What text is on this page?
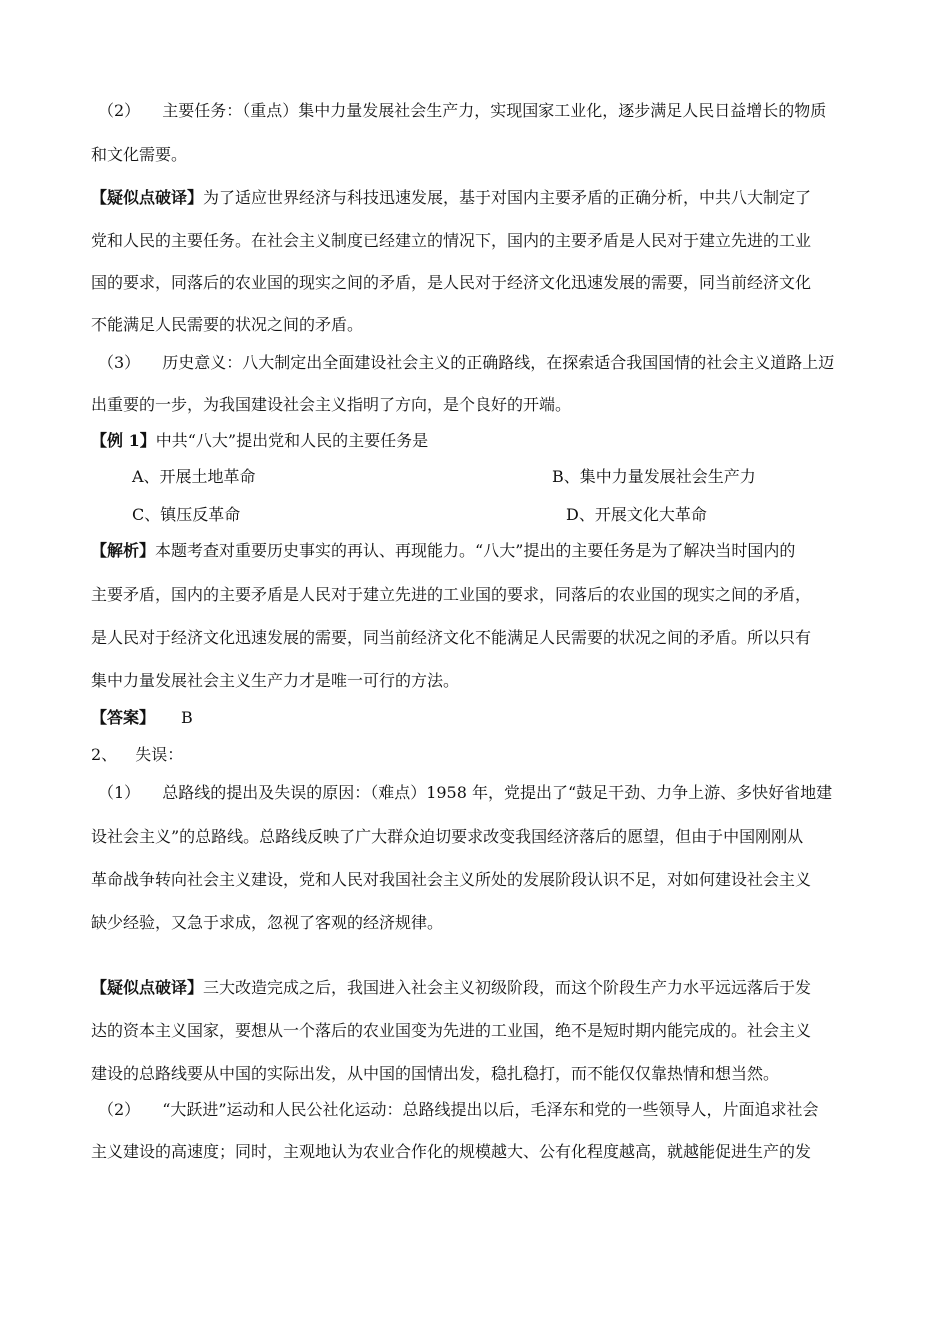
（2） 主要任务：（重点）集中力量发展社会生产力，实现国家工业化，逐步满足人民日益增长的物质
和文化需要。
【疑似点破译】为了适应世界经济与科技迅速发展，基于对国内主要矛盾的正确分析，中共八大制定了
党和人民的主要任务。在社会主义制度已经建立的情况下，国内的主要矛盾是人民对于建立先进的工业
国的要求，同落后的农业国的现实之间的矛盾，是人民对于经济文化迅速发展的需要，同当前经济文化
不能满足人民需要的状况之间的矛盾。
（3） 历史意义：八大制定出全面建设社会主义的正确路线，在探索适合我国国情的社会主义道路上迈
出重要的一步，为我国建设社会主义指明了方向，是个良好的开端。
【例 1】中共“八大”提出党和人民的主要任务是
A、开展土地革命	B、集中力量发展社会生产力
C、镇压反革命	D、开展文化大革命
【解析】本题考查对重要历史事实的再认、再现能力。“八大”提出的主要任务是为了解决当时国内的
主要矛盾，国内的主要矛盾是人民对于建立先进的工业国的要求，同落后的农业国的现实之间的矛盾，
是人民对于经济文化迅速发展的需要，同当前经济文化不能满足人民需要的状况之间的矛盾。所以只有
集中力量发展社会主义生产力才是唯一可行的方法。
【答案】 B
2、 失误：
（1） 总路线的提出及失误的原因：（难点）1958 年，党提出了“鼓足干劲、力争上游、多快好省地建
设社会主义”的总路线。总路线反映了广大群众迫切要求改变我国经济落后的愿望，但由于中国刚刚从
革命战争转向社会主义建设，党和人民对我国社会主义所处的发展阶段认识不足，对如何建设社会主义
缺少经验，又急于求成，忽视了客观的经济规律。
【疑似点破译】三大改造完成之后，我国进入社会主义初级阶段，而这个阶段生产力水平远远落后于发
达的资本主义国家，要想从一个落后的农业国变为先进的工业国，绝不是短时期内能完成的。社会主义
建设的总路线要从中国的实际出发，从中国的国情出发，稳扎稳打，而不能仅仅靠热情和想当然。
（2） “大跃进”运动和人民公社化运动：总路线提出以后，毛泽东和党的一些领导人，片面追求社会
主义建设的高速度；同时，主观地认为农业合作化的规模越大、公有化程度越高，就越能促进生产的发
